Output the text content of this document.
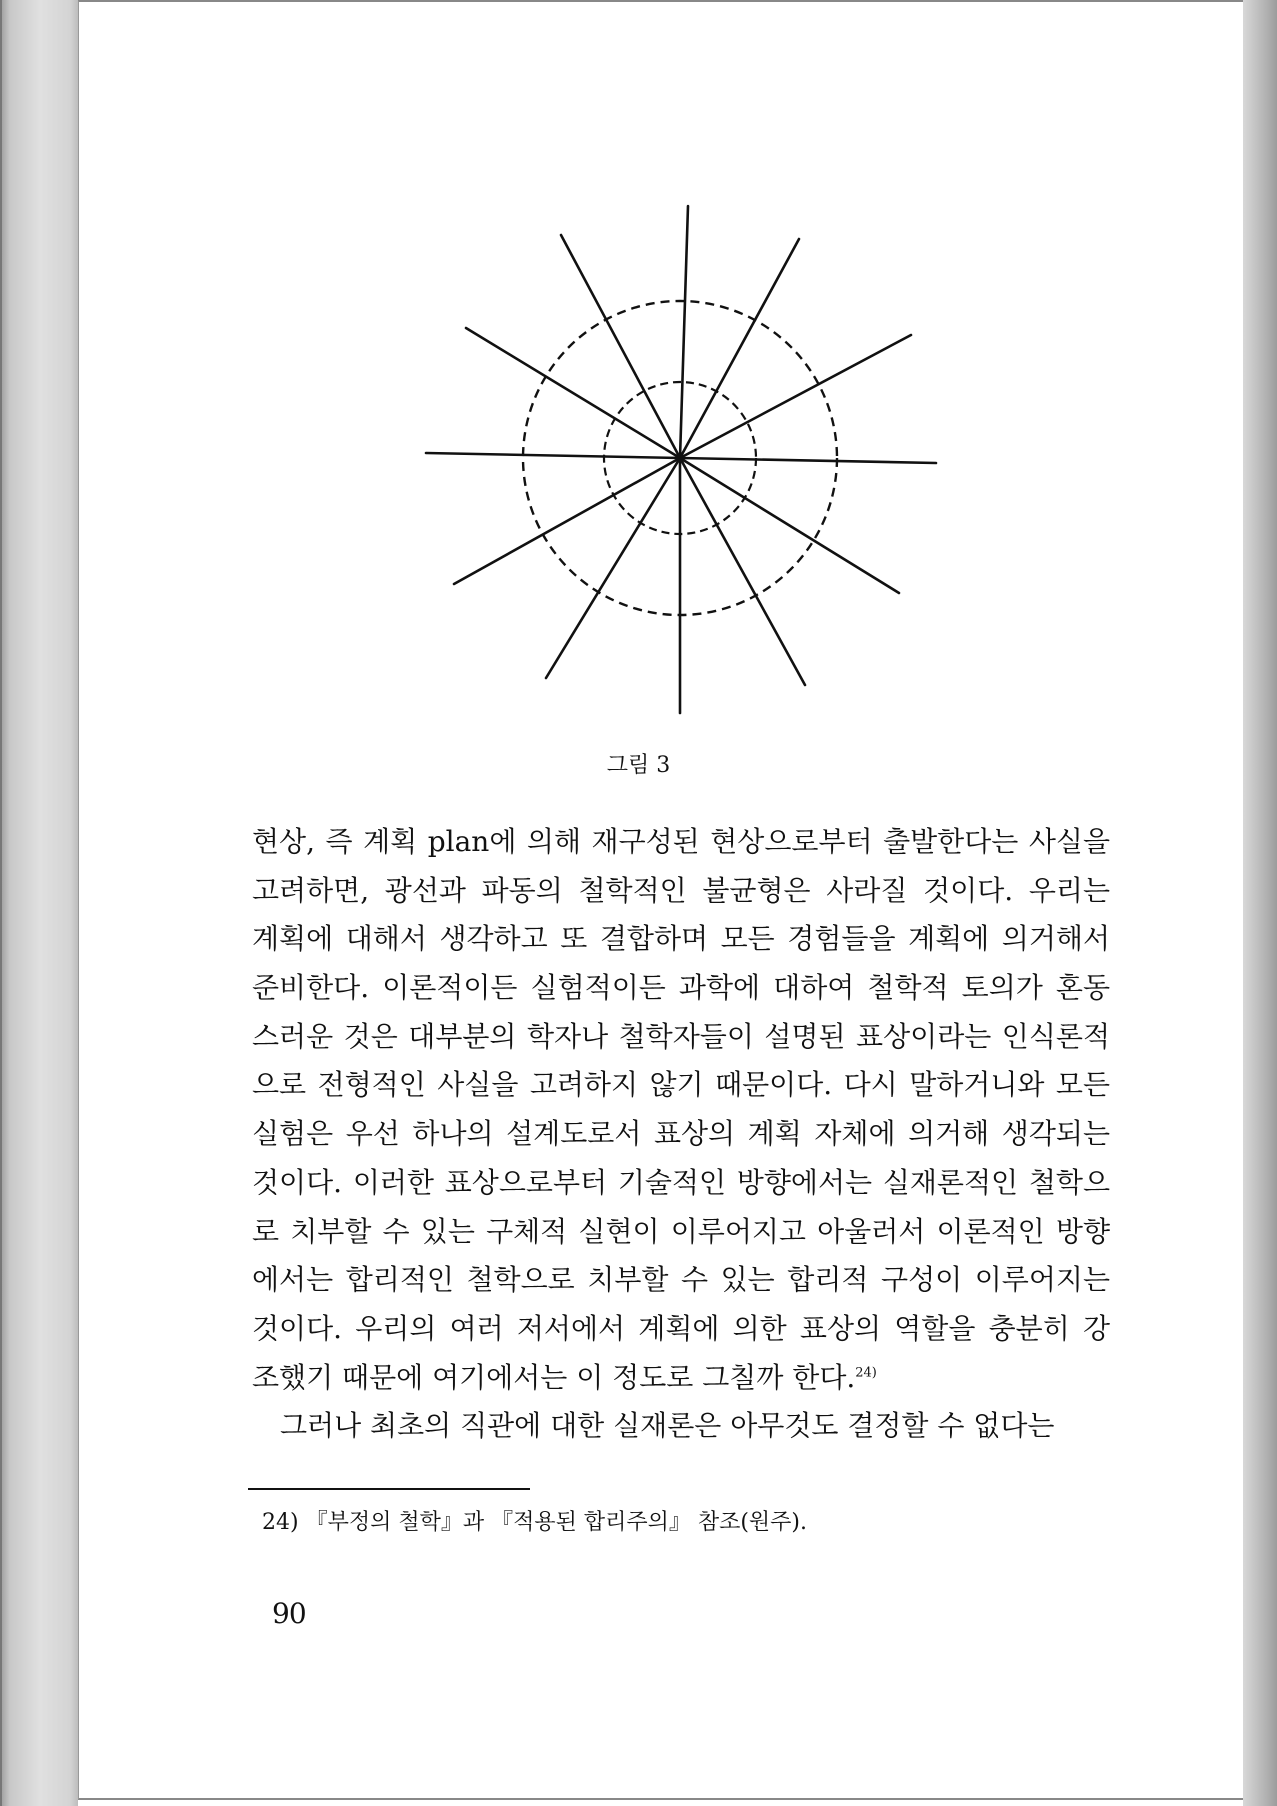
그림 3
현상, 즉 계획 plan에 의해 재구성된 현상으로부터 출발한다는 사실을
고려하면, 광선과 파동의 철학적인 불균형은 사라질 것이다. 우리는
계획에 대해서 생각하고 또 결합하며 모든 경험들을 계획에 의거해서
준비한다. 이론적이든 실험적이든 과학에 대하여 철학적 토의가 혼동
스러운 것은 대부분의 학자나 철학자들이 설명된 표상이라는 인식론적
으로 전형적인 사실을 고려하지 않기 때문이다. 다시 말하거니와 모든
실험은 우선 하나의 설계도로서 표상의 계획 자체에 의거해 생각되는
것이다. 이러한 표상으로부터 기술적인 방향에서는 실재론적인 철학으
로 치부할 수 있는 구체적 실현이 이루어지고 아울러서 이론적인 방향
에서는 합리적인 철학으로 치부할 수 있는 합리적 구성이 이루어지는
것이다. 우리의 여러 저서에서 계획에 의한 표상의 역할을 충분히 강
조했기 때문에 여기에서는 이 정도로 그칠까 한다.$^{24)}$
그러나 최초의 직관에 대한 실재론은 아무것도 결정할 수 없다는
24) 『부정의 철학』과 『적용된 합리주의』 참조(원주).
90
